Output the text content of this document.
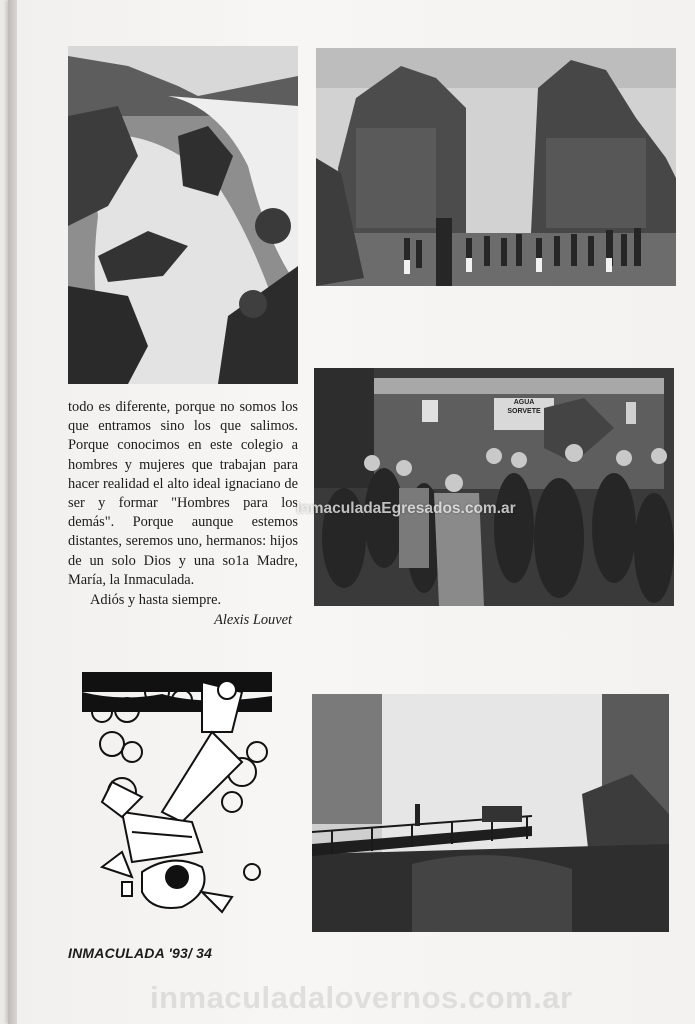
AGUA
SORVETE

todo es diferente, porque no somos los que entramos sino los que salimos. Porque conocimos en este colegio a hombres y mujeres que trabajan para hacer realidad el alto ideal ignaciano de ser y formar "Hombres para los demás". Porque aunque estemos distantes, seremos uno, hermanos: hijos de un solo Dios y una so1a Madre, María, la Inmaculada.

Adiós y hasta siempre.

Alexis Louvet

INMACULADA '93/ 34
InmaculadaEgresados.com.ar
inmaculadalovernos.com.ar
